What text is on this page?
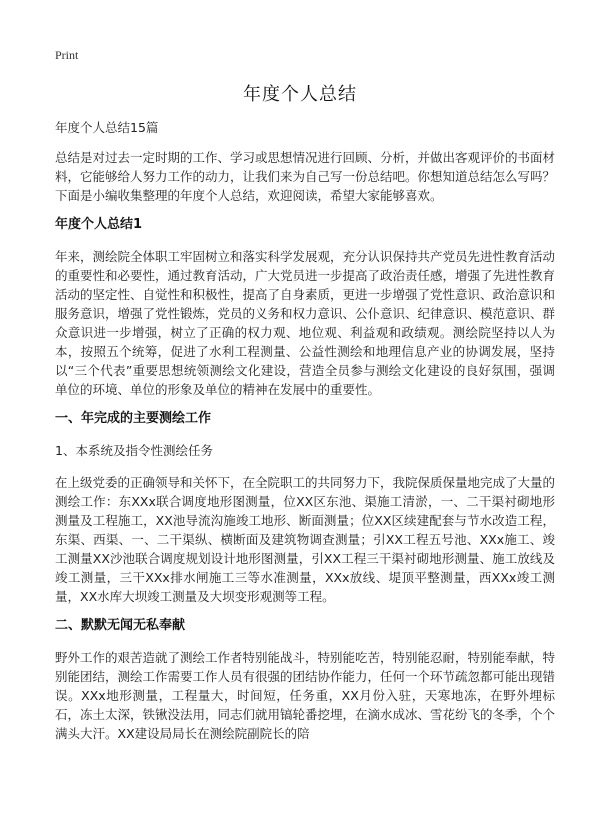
Print
年度个人总结
年度个人总结15篇

总结是对过去一定时期的工作、学习或思想情况进行回顾、分析，并做出客观评价的书面材料，它能够给人努力工作的动力，让我们来为自己写一份总结吧。你想知道总结怎么写吗？下面是小编收集整理的年度个人总结，欢迎阅读，希望大家能够喜欢。

年度个人总结1

年来，测绘院全体职工牢固树立和落实科学发展观，充分认识保持共产党员先进性教育活动的重要性和必要性，通过教育活动，广大党员进一步提高了政治责任感，增强了先进性教育活动的坚定性、自觉性和积极性，提高了自身素质，更进一步增强了党性意识、政治意识和服务意识，增强了党性锻炼，党员的义务和权力意识、公仆意识、纪律意识、模范意识、群众意识进一步增强，树立了正确的权力观、地位观、利益观和政绩观。测绘院坚持以人为本，按照五个统筹，促进了水利工程测量、公益性测绘和地理信息产业的协调发展，坚持以“三个代表”重要思想统领测绘文化建设，营造全员参与测绘文化建设的良好氛围，强调单位的环境、单位的形象及单位的精神在发展中的重要性。

一、年完成的主要测绘工作
1、本系统及指令性测绘任务

在上级党委的正确领导和关怀下，在全院职工的共同努力下，我院保质保量地完成了大量的测绘工作：东XXx联合调度地形图测量，位XX区东池、渠施工清淤，一、二干渠衬砌地形测量及工程施工，XX池导流沟施竣工地形、断面测量；位XX区续建配套与节水改造工程，东渠、西渠、一、二干渠纵、横断面及建筑物调查测量；引XX工程五号池、XXx施工、竣工测量XX沙池联合调度规划设计地形图测量，引XX工程三干渠衬砌地形测量、施工放线及竣工测量，三干XXx排水闸施工三等水准测量，XXx放线、堤顶平整测量，西XXx竣工测量，XX水库大坝竣工测量及大坝变形观测等工程。

二、默默无闻无私奉献

野外工作的艰苦造就了测绘工作者特别能战斗，特别能吃苦，特别能忍耐，特别能奉献，特别能团结，测绘工作需要工作人员有很强的团结协作能力，任何一个环节疏忽都可能出现错误。XXx地形测量，工程量大，时间短，任务重，XX月份入驻，天寒地冻，在野外埋标石，冻土太深，铁锹没法用，同志们就用镐轮番挖埋，在滴水成冰、雪花纷飞的冬季，个个满头大汗。XX建设局局长在测绘院副院长的陪
